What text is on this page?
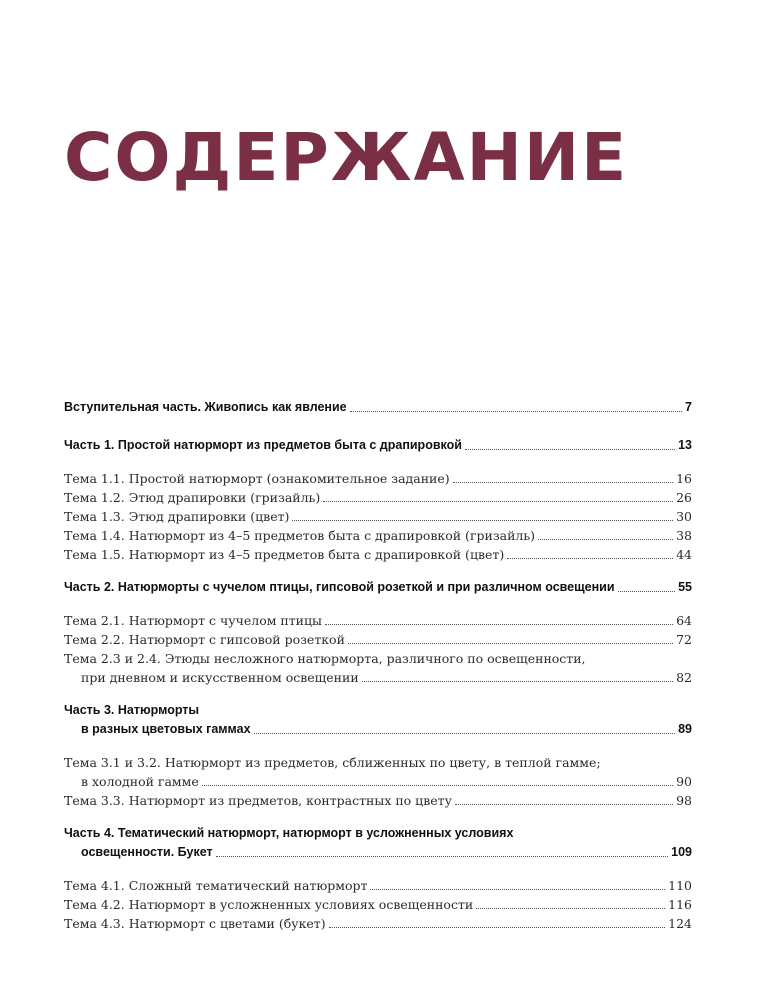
СОДЕРЖАНИЕ
Вступительная часть. Живопись как явление	7
Часть 1. Простой натюрморт из предметов быта с драпировкой	13
Тема 1.1. Простой натюрморт (ознакомительное задание)	16
Тема 1.2. Этюд драпировки (гризайль)	26
Тема 1.3. Этюд драпировки (цвет)	30
Тема 1.4. Натюрморт из 4–5 предметов быта с драпировкой (гризайль)	38
Тема 1.5. Натюрморт из 4–5 предметов быта с драпировкой (цвет)	44
Часть 2. Натюрморты с чучелом птицы, гипсовой розеткой и при различном освещении	55
Тема 2.1. Натюрморт с чучелом птицы	64
Тема 2.2. Натюрморт с гипсовой розеткой	72
Тема 2.3 и 2.4. Этюды несложного натюрморта, различного по освещенности,
при дневном и искусственном освещении	82
Часть 3. Натюрморты
в разных цветовых гаммах	89
Тема 3.1 и 3.2. Натюрморт из предметов, сближенных по цвету, в теплой гамме;
в холодной гамме	90
Тема 3.3. Натюрморт из предметов, контрастных по цвету	98
Часть 4. Тематический натюрморт, натюрморт в усложненных условиях
освещенности. Букет	109
Тема 4.1. Сложный тематический натюрморт	110
Тема 4.2. Натюрморт в усложненных условиях освещенности	116
Тема 4.3. Натюрморт с цветами (букет)	124
